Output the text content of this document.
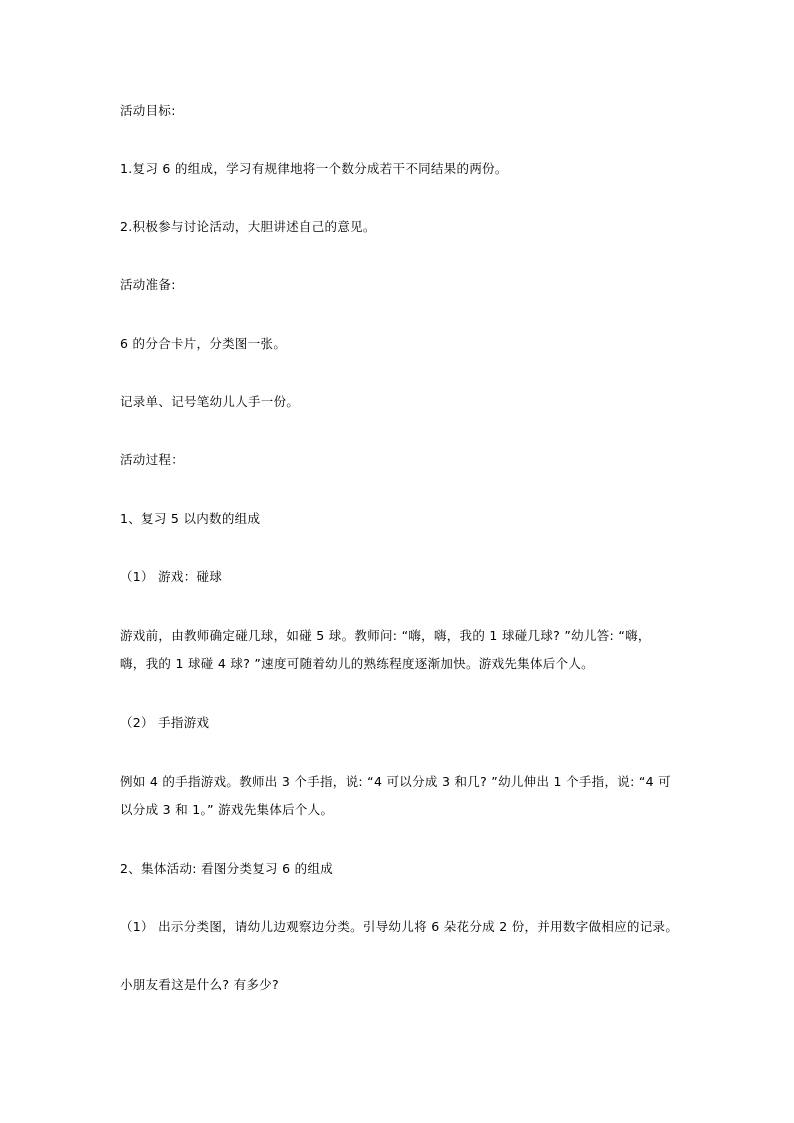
活动目标:
1.复习 6 的组成，学习有规律地将一个数分成若干不同结果的两份。
2.积极参与讨论活动，大胆讲述自己的意见。
活动准备:
6 的分合卡片，分类图一张。
记录单、记号笔幼儿人手一份。
活动过程：
1、复习 5 以内数的组成
（1） 游戏：碰球
游戏前，由教师确定碰几球，如碰 5 球。教师问: “嗨，嗨，我的 1 球碰几球? ”幼儿答: “嗨，嗨，我的 1 球碰 4 球? ”速度可随着幼儿的熟练程度逐渐加快。游戏先集体后个人。
（2） 手指游戏
例如 4 的手指游戏。教师出 3 个手指，说: “4 可以分成 3 和几? ”幼儿伸出 1 个手指，说: “4 可以分成 3 和 1。” 游戏先集体后个人。
2、集体活动: 看图分类复习 6 的组成
（1） 出示分类图，请幼儿边观察边分类。引导幼儿将 6 朵花分成 2 份，并用数字做相应的记录。
小朋友看这是什么? 有多少?
